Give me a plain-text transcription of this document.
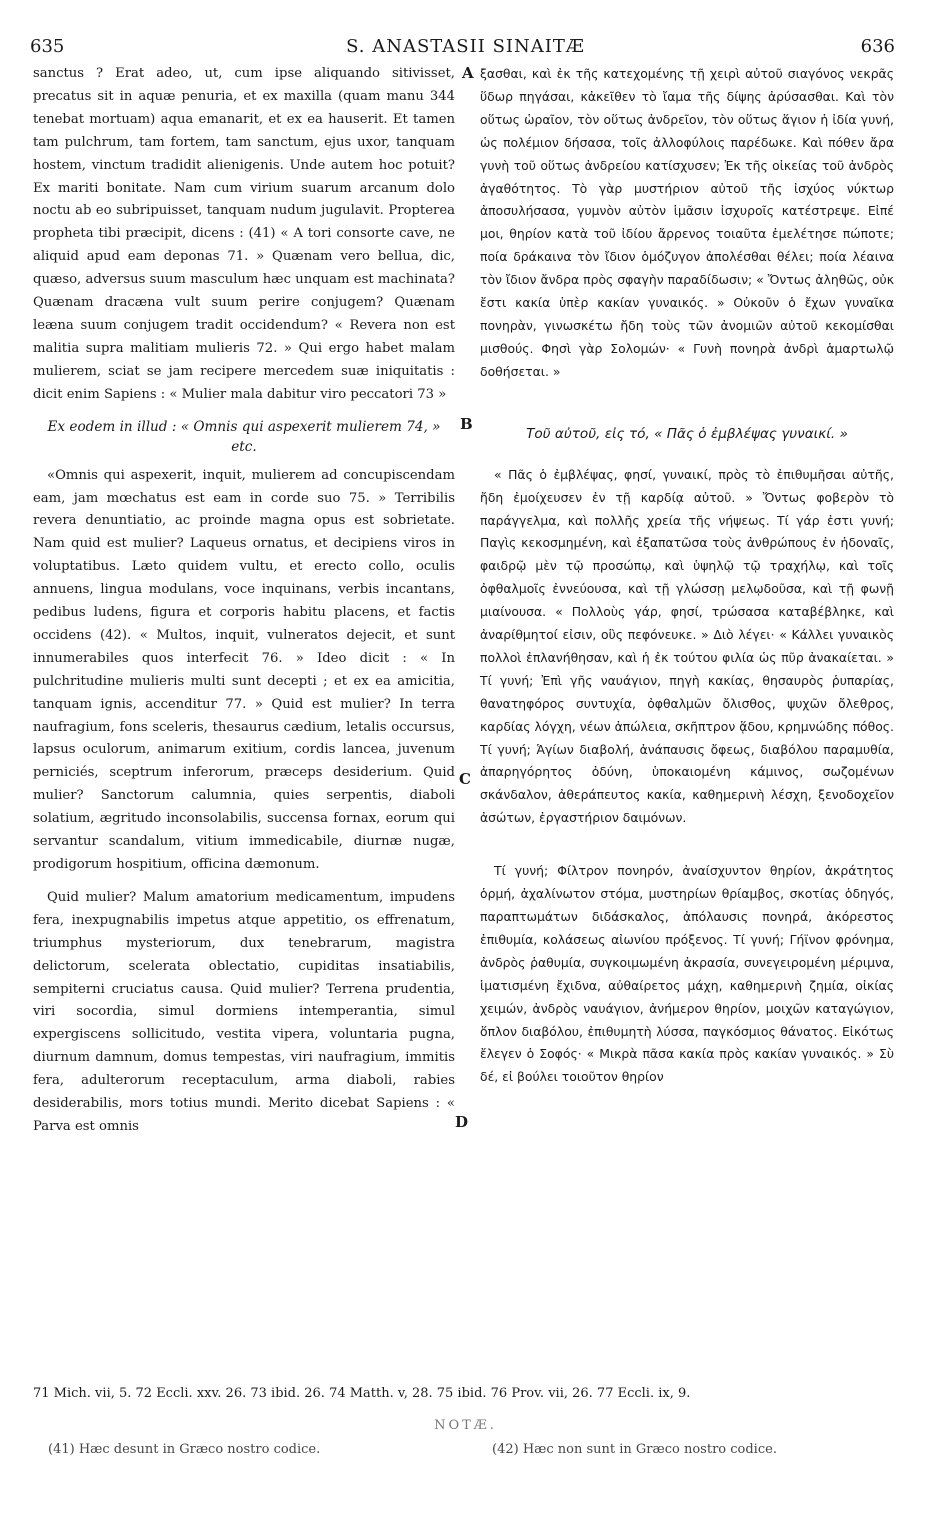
635	S. ANASTASII SINAITÆ	636

sanctus ? Erat adeo, ut, cum ipse aliquando sitivisset, precatus sit in aquæ penuria, et ex maxilla (quam manu 344 tenebat mortuam) aqua emanarit, et ex ea hauserit. Et tamen tam pulchrum, tam fortem, tam sanctum, ejus uxor, tanquam hostem, vinctum tradidit alienigenis. Unde autem hoc potuit? Ex mariti bonitate. Nam cum virium suarum arcanum dolo noctu ab eo subripuisset, tanquam nudum jugulavit. Propterea propheta tibi præcipit, dicens : (41) « A tori consorte cave, ne aliquid apud eam deponas 71. » Quænam vero bellua, dic, quæso, adversus suum masculum hæc unquam est machinata? Quænam dracæna vult suum perire conjugem? Quænam leæna suum conjugem tradit occidendum? « Revera non est malitia supra malitiam mulieris 72. » Qui ergo habet malam mulierem, sciat se jam recipere mercedem suæ iniquitatis : dicit enim Sapiens : « Mulier mala dabitur viro peccatori 73 »

Ex eodem in illud : « Omnis qui aspexerit mulierem 74, » etc.

«Omnis qui aspexerit, inquit, mulierem ad concupiscendam eam, jam mœchatus est eam in corde suo 75. » Terribilis revera denuntiatio, ac proinde magna opus est sobrietate. Nam quid est mulier? Laqueus ornatus, et decipiens viros in voluptatibus. Læto quidem vultu, et erecto collo, oculis annuens, lingua modulans, voce inquinans, verbis incantans, pedibus ludens, figura et corporis habitu placens, et factis occidens (42). « Multos, inquit, vulneratos dejecit, et sunt innumerabiles quos interfecit 76. » Ideo dicit : « In pulchritudine mulieris multi sunt decepti ; et ex ea amicitia, tanquam ignis, accenditur 77. » Quid est mulier? In terra naufragium, fons sceleris, thesaurus cædium, letalis occursus, lapsus oculorum, animarum exitium, cordis lancea, juvenum perniciés, sceptrum inferorum, præceps desiderium. Quid mulier? Sanctorum calumnia, quies serpentis, diaboli solatium, ægritudo inconsolabilis, succensa fornax, eorum qui servantur scandalum, vitium immedicabile, diurnæ nugæ, prodigorum hospitium, officina dæmonum.

Quid mulier? Malum amatorium medicamentum, impudens fera, inexpugnabilis impetus atque appetitio, os effrenatum, triumphus mysteriorum, dux tenebrarum, magistra delictorum, scelerata oblectatio, cupiditas insatiabilis, sempiterni cruciatus causa. Quid mulier? Terrena prudentia, viri socordia, simul dormiens intemperantia, simul expergiscens sollicitudo, vestita vipera, voluntaria pugna, diurnum damnum, domus tempestas, viri naufragium, immitis fera, adulterorum receptaculum, arma diaboli, rabies desiderabilis, mors totius mundi. Merito dicebat Sapiens : « Parva est omnis

ξασθαι, καὶ ἐκ τῆς κατεχομένης τῇ χειρὶ αὐτοῦ σιαγόνος νεκρᾶς ὕδωρ πηγάσαι, κἀκεῖθεν τὸ ἴαμα τῆς δίψης ἀρύσασθαι. Καὶ τὸν οὕτως ὡραῖον, τὸν οὕτως ἀνδρεῖον, τὸν οὕτως ἅγιον ἡ ἰδία γυνή, ὡς πολέμιον δήσασα, τοῖς ἀλλοφύλοις παρέδωκε. Καὶ πόθεν ἄρα γυνὴ τοῦ οὕτως ἀνδρείου κατίσχυσεν; Ἐκ τῆς οἰκείας τοῦ ἀνδρὸς ἀγαθότητος. Τὸ γὰρ μυστήριον αὐτοῦ τῆς ἰσχύος νύκτωρ ἀποσυλήσασα, γυμνὸν αὐτὸν ἱμᾶσιν ἰσχυροῖς κατέστρεψε. Εἰπέ μοι, θηρίον κατὰ τοῦ ἰδίου ἄρρενος τοιαῦτα ἐμελέτησε πώποτε; ποία δράκαινα τὸν ἴδιον ὁμόζυγον ἀπολέσθαι θέλει; ποία λέαινα τὸν ἴδιον ἄνδρα πρὸς σφαγὴν παραδίδωσιν; « Ὄντως ἀληθῶς, οὐκ ἔστι κακία ὑπὲρ κακίαν γυναικός. » Οὐκοῦν ὁ ἔχων γυναῖκα πονηρὰν, γινωσκέτω ἤδη τοὺς τῶν ἀνομιῶν αὐτοῦ κεκομίσθαι μισθούς. Φησὶ γὰρ Σολομών· « Γυνὴ πονηρὰ ἀνδρὶ ἁμαρτωλῷ δοθήσεται. »

Τοῦ αὐτοῦ, εἰς τό, « Πᾶς ὁ ἐμβλέψας γυναικί. »

« Πᾶς ὁ ἐμβλέψας, φησί, γυναικί, πρὸς τὸ ἐπιθυμῆσαι αὐτῆς, ἤδη ἐμοίχευσεν ἐν τῇ καρδίᾳ αὐτοῦ. » Ὄντως φοβερὸν τὸ παράγγελμα, καὶ πολλῆς χρεία τῆς νήψεως. Τί γάρ ἐστι γυνή; Παγὶς κεκοσμημένη, καὶ ἐξαπατῶσα τοὺς ἀνθρώπους ἐν ἡδοναῖς, φαιδρῷ μὲν τῷ προσώπῳ, καὶ ὑψηλῷ τῷ τραχήλῳ, καὶ τοῖς ὀφθαλμοῖς ἐννεύουσα, καὶ τῇ γλώσσῃ μελῳδοῦσα, καὶ τῇ φωνῇ μιαίνουσα. « Πολλοὺς γάρ, φησί, τρώσασα καταβέβληκε, καὶ ἀναρίθμητοί εἰσιν, οὓς πεφόνευκε. » Διὸ λέγει· « Κάλλει γυναικὸς πολλοὶ ἐπλανήθησαν, καὶ ἡ ἐκ τούτου φιλία ὡς πῦρ ἀνακαίεται. » Τί γυνή; Ἐπὶ γῆς ναυάγιον, πηγὴ κακίας, θησαυρὸς ῥυπαρίας, θανατηφόρος συντυχία, ὀφθαλμῶν ὄλισθος, ψυχῶν ὄλεθρος, καρδίας λόγχη, νέων ἀπώλεια, σκῆπτρον ᾅδου, κρημνώδης πόθος. Τί γυνή; Ἁγίων διαβολή, ἀνάπαυσις ὄφεως, διαβόλου παραμυθία, ἀπαρηγόρητος ὀδύνη, ὑποκαιομένη κάμινος, σωζομένων σκάνδαλον, ἀθεράπευτος κακία, καθημερινὴ λέσχη, ξενοδοχεῖον ἀσώτων, ἐργαστήριον δαιμόνων.

Τί γυνή; Φίλτρον πονηρόν, ἀναίσχυντον θηρίον, ἀκράτητος ὁρμή, ἀχαλίνωτον στόμα, μυστηρίων θρίαμβος, σκοτίας ὁδηγός, παραπτωμάτων διδάσκαλος, ἀπόλαυσις πονηρά, ἀκόρεστος ἐπιθυμία, κολάσεως αἰωνίου πρόξενος. Τί γυνή; Γήϊνον φρόνημα, ἀνδρὸς ῥαθυμία, συγκοιμωμένη ἀκρασία, συνεγειρομένη μέριμνα, ἱματισμένη ἔχιδνα, αὐθαίρετος μάχη, καθημερινὴ ζημία, οἰκίας χειμών, ἀνδρὸς ναυάγιον, ἀνήμερον θηρίον, μοιχῶν καταγώγιον, ὅπλον διαβόλου, ἐπιθυμητὴ λύσσα, παγκόσμιος θάνατος. Εἰκότως ἔλεγεν ὁ Σοφός· « Μικρὰ πᾶσα κακία πρὸς κακίαν γυναικός. » Σὺ δέ, εἰ βούλει τοιοῦτον θηρίον

A
B
C
D
71 Mich. vii, 5. 72 Eccli. xxv. 26. 73 ibid. 26. 74 Matth. v, 28. 75 ibid. 76 Prov. vii, 26. 77 Eccli. ix, 9.
NOTÆ.
(41) Hæc desunt in Græco nostro codice.	(42) Hæc non sunt in Græco nostro codice.
